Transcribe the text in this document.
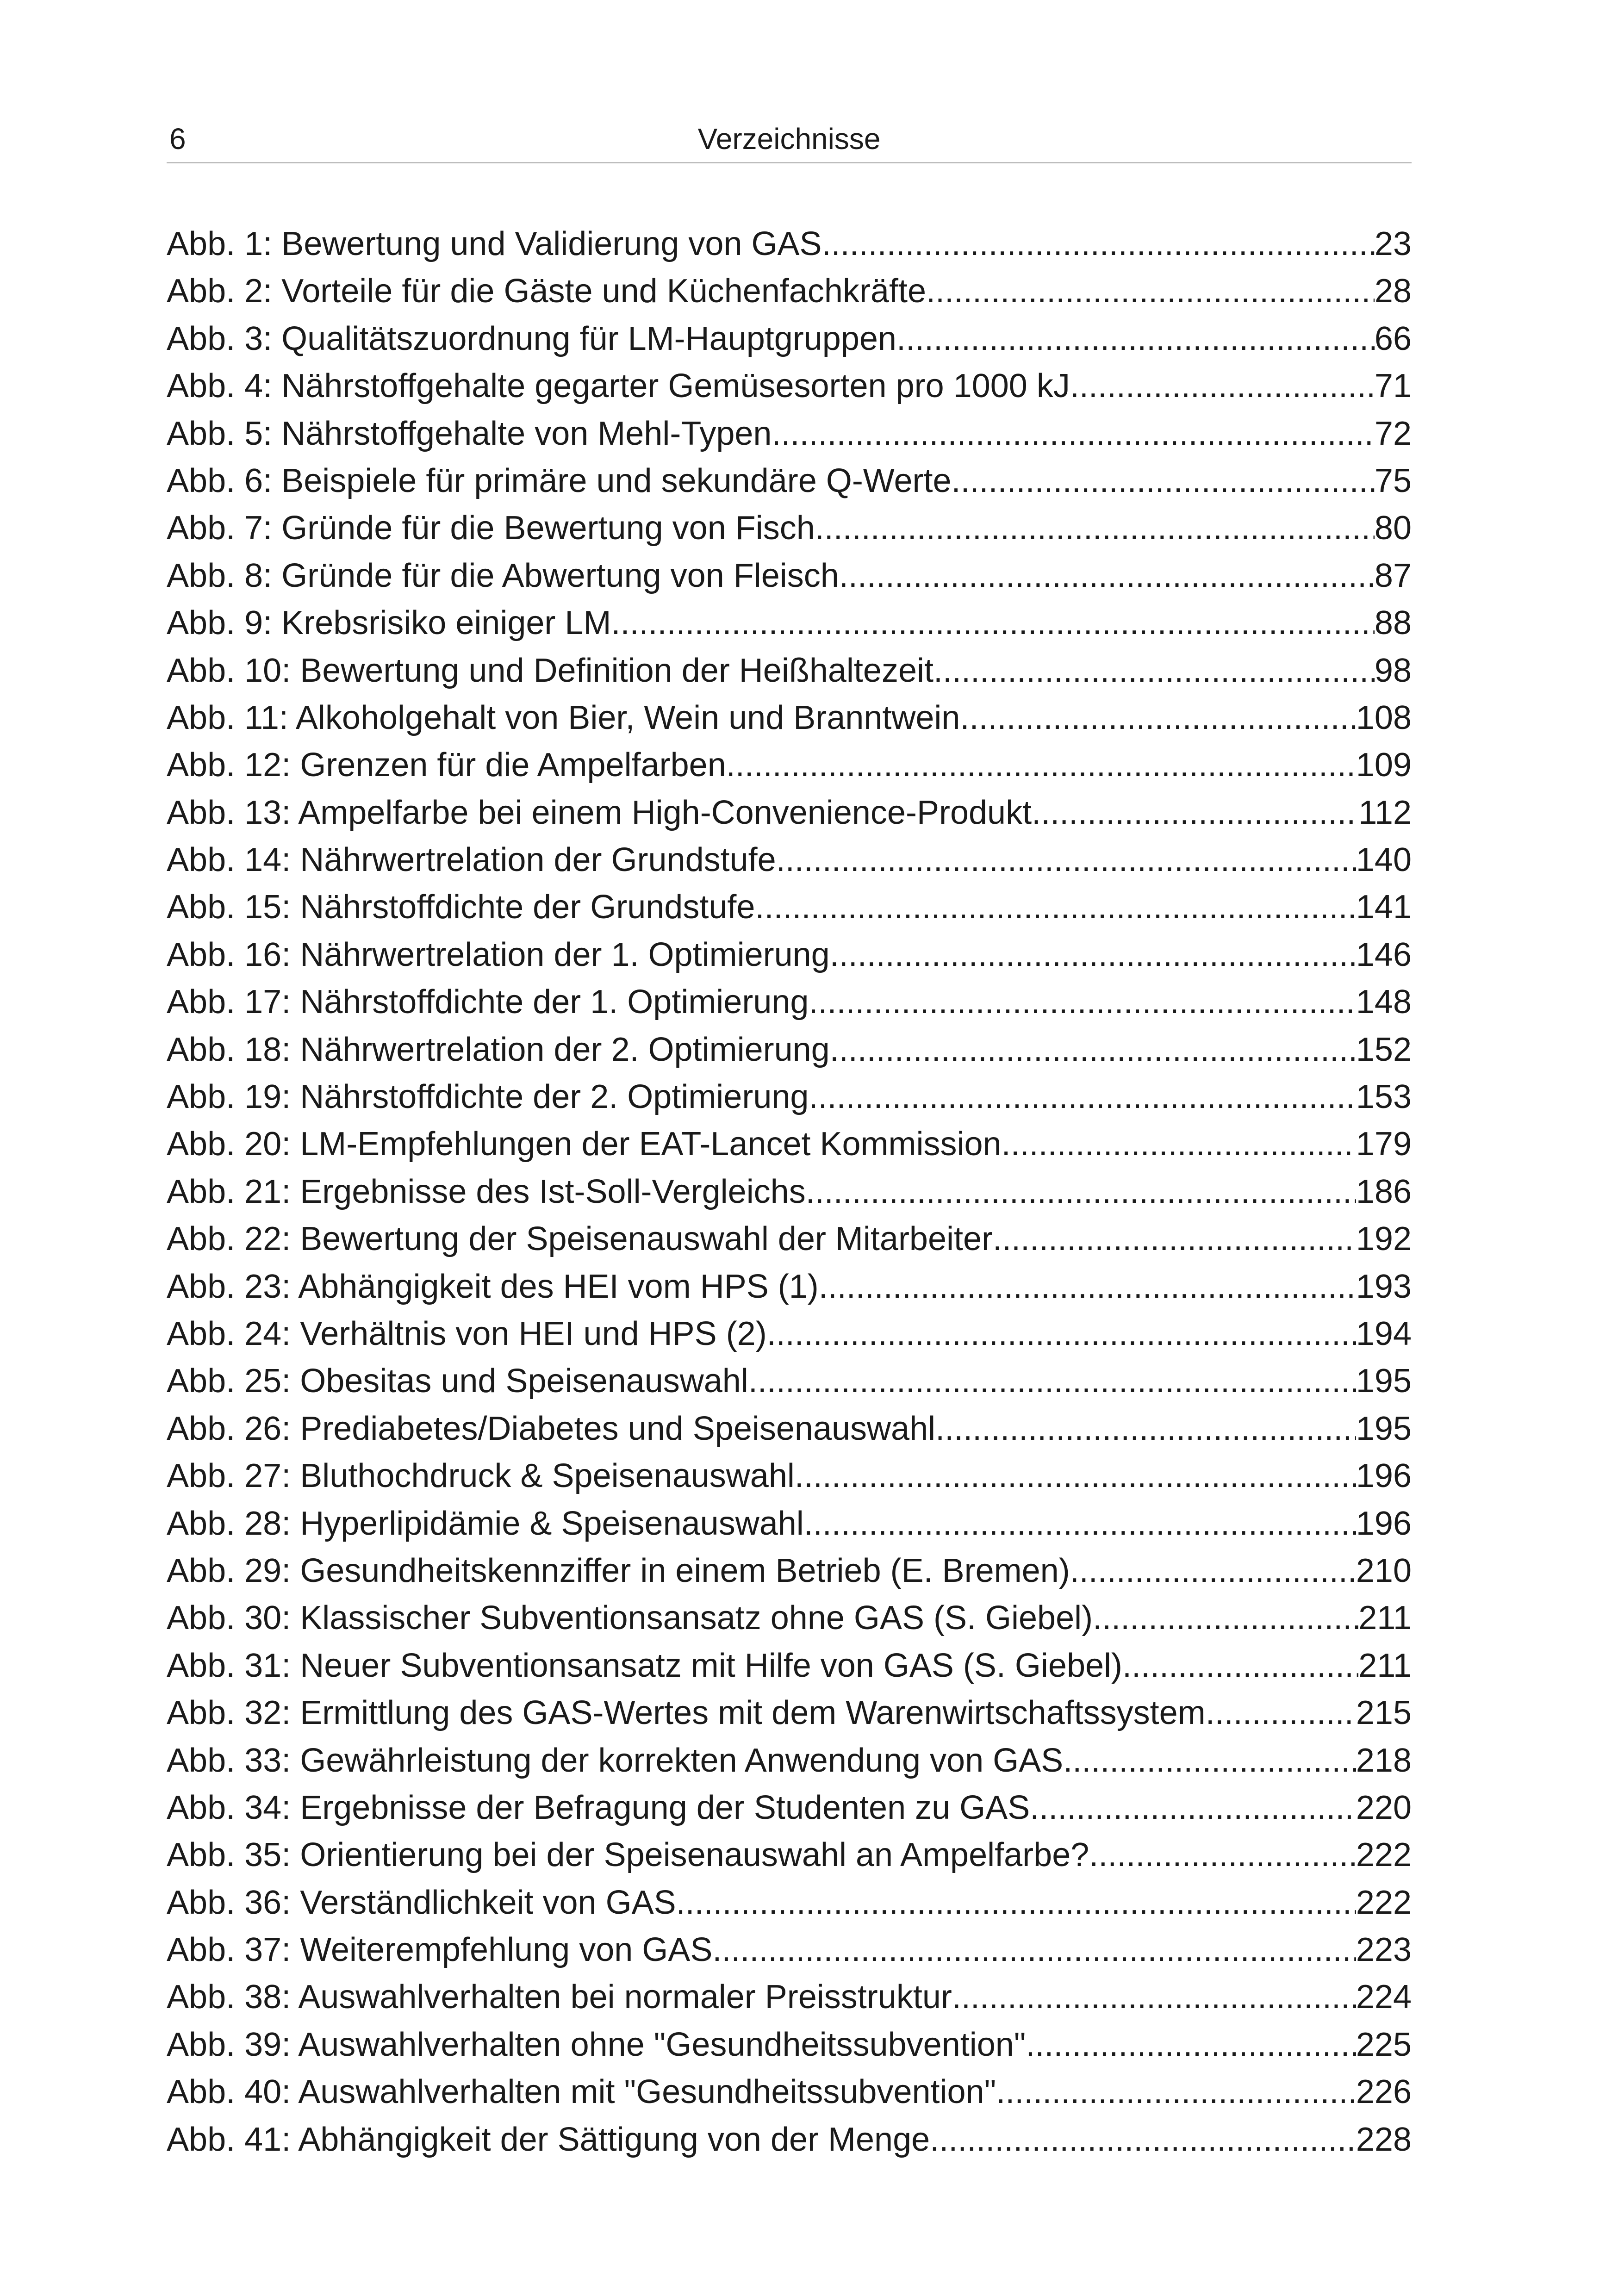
6	Verzeichnisse
Abb. 1: Bewertung und Validierung von GAS .....	23
Abb. 2: Vorteile für die Gäste und Küchenfachkräfte .....	28
Abb. 3: Qualitätszuordnung für LM-Hauptgruppen .....	66
Abb. 4: Nährstoffgehalte gegarter Gemüsesorten pro 1000 kJ .....	71
Abb. 5: Nährstoffgehalte von Mehl-Typen .....	72
Abb. 6: Beispiele für primäre und sekundäre Q-Werte .....	75
Abb. 7: Gründe für die Bewertung von Fisch .....	80
Abb. 8: Gründe für die Abwertung von Fleisch .....	87
Abb. 9: Krebsrisiko einiger LM .....	88
Abb. 10: Bewertung und Definition der Heißhaltezeit .....	98
Abb. 11: Alkoholgehalt von Bier, Wein und Branntwein .....	108
Abb. 12: Grenzen für die Ampelfarben .....	109
Abb. 13: Ampelfarbe bei einem High-Convenience-Produkt .....	112
Abb. 14: Nährwertrelation der Grundstufe .....	140
Abb. 15: Nährstoffdichte der Grundstufe .....	141
Abb. 16: Nährwertrelation der 1. Optimierung .....	146
Abb. 17: Nährstoffdichte der 1. Optimierung .....	148
Abb. 18: Nährwertrelation der 2. Optimierung .....	152
Abb. 19: Nährstoffdichte der 2. Optimierung .....	153
Abb. 20: LM-Empfehlungen der EAT-Lancet Kommission .....	179
Abb. 21: Ergebnisse des Ist-Soll-Vergleichs .....	186
Abb. 22: Bewertung der Speisenauswahl der Mitarbeiter .....	192
Abb. 23: Abhängigkeit des HEI vom HPS (1) .....	193
Abb. 24: Verhältnis von HEI und HPS (2) .....	194
Abb. 25: Obesitas und Speisenauswahl .....	195
Abb. 26: Prediabetes/Diabetes und Speisenauswahl .....	195
Abb. 27: Bluthochdruck & Speisenauswahl .....	196
Abb. 28: Hyperlipidämie & Speisenauswahl .....	196
Abb. 29: Gesundheitskennziffer in einem Betrieb (E. Bremen) .....	210
Abb. 30: Klassischer Subventionsansatz ohne GAS (S. Giebel) .....	211
Abb. 31: Neuer Subventionsansatz mit Hilfe von GAS (S. Giebel) .....	211
Abb. 32: Ermittlung des GAS-Wertes mit dem Warenwirtschaftssystem .....	215
Abb. 33: Gewährleistung der korrekten Anwendung von GAS .....	218
Abb. 34: Ergebnisse der Befragung der Studenten zu GAS .....	220
Abb. 35: Orientierung bei der Speisenauswahl an Ampelfarbe? .....	222
Abb. 36: Verständlichkeit von GAS .....	222
Abb. 37: Weiterempfehlung von GAS .....	223
Abb. 38: Auswahlverhalten bei normaler Preisstruktur .....	224
Abb. 39: Auswahlverhalten ohne "Gesundheitssubvention" .....	225
Abb. 40: Auswahlverhalten mit "Gesundheitssubvention" .....	226
Abb. 41: Abhängigkeit der Sättigung von der Menge .....	228
